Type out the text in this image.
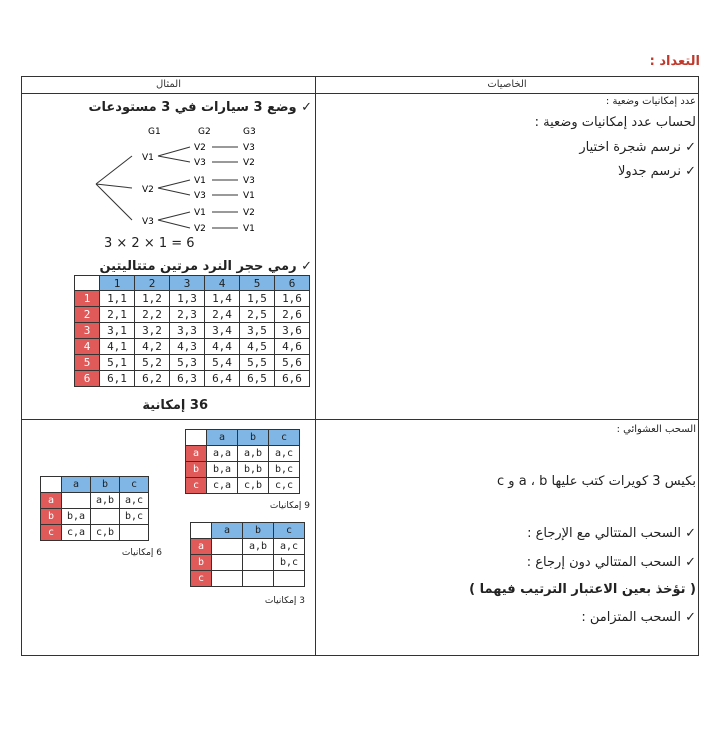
التعداد :
المثال	الخاصيات
عدد إمكانيات وضعية :
لحساب عدد إمكانيات وضعية :
✓ نرسم شجرة اختيار
✓ نرسم جدولا
✓ وضع 3 سيارات في 3 مستودعات
G1	G2	G3
V1
V2
V3
V2
V3
V1
V3
V1
V2
V3
V2
V3
V1
V2
V1
3 × 2 × 1 = 6
✓ رمي حجر النرد مرتين متتاليتين
	1	2	3	4	5	6
1	1,1	1,2	1,3	1,4	1,5	1,6
2	2,1	2,2	2,3	2,4	2,5	2,6
3	3,1	3,2	3,3	3,4	3,5	3,6
4	4,1	4,2	4,3	4,4	4,5	4,6
5	5,1	5,2	5,3	5,4	5,5	5,6
6	6,1	6,2	6,3	6,4	6,5	6,6
36 إمكانية
السحب العشوائي :
بكيس 3 كويرات كتب عليها a ، b و c
✓ السحب المتتالي مع الإرجاع :
✓ السحب المتتالي دون إرجاع :
( تؤخذ بعين الاعتبار الترتيب فيهما )
✓ السحب المتزامن :
	a	b	c
a	a,a	a,b	a,c
b	b,a	b,b	b,c
c	c,a	c,b	c,c
9 إمكانيات
	a	b	c
a		a,b	a,c
b	b,a		b,c
c	c,a	c,b	
6 إمكانيات
	a	b	c
a		a,b	a,c
b			b,c
c			
3 إمكانيات
